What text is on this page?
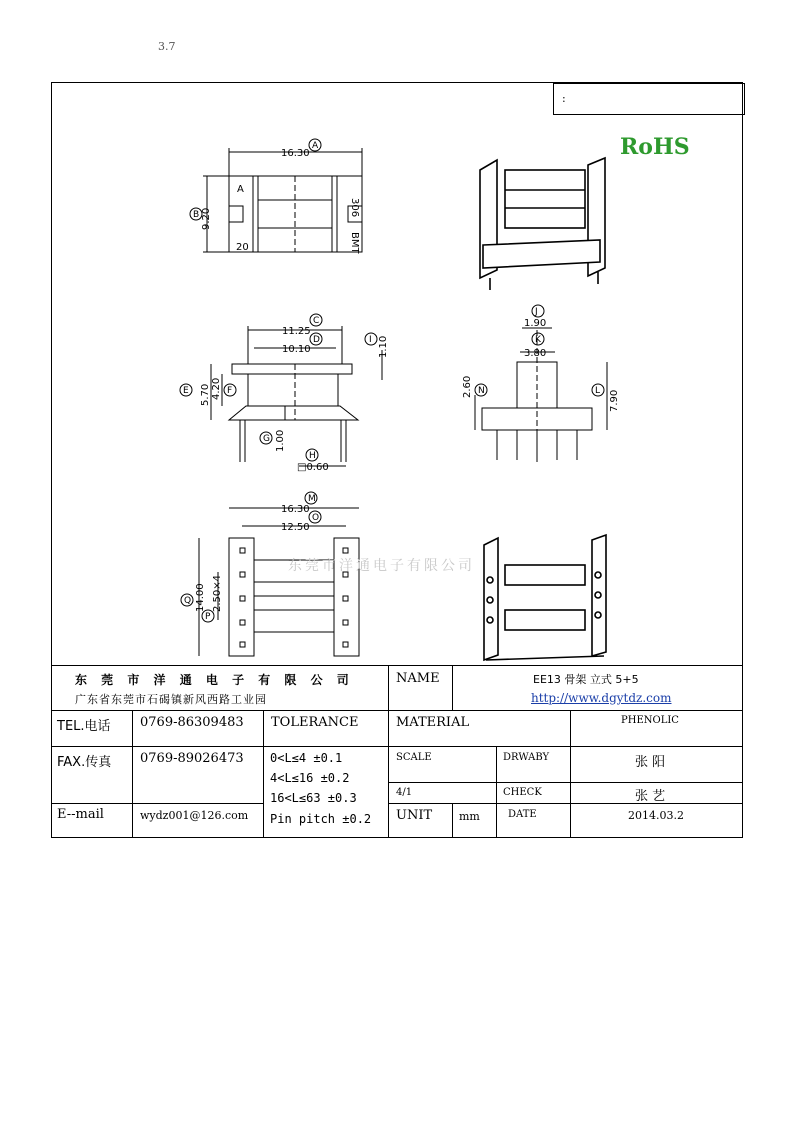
3.7
:
RoHS
16.30
9.20
A
B
A
20
306
BMT
11.25
10.10	1.10
5.70 4.20
1.00
□0.60
C
D	I
E	F
G
H
1.90
3.80
2.60
7.90
J
K
N	L
16.30
12.50
14.00 2.50×4
M
O
Q
P
东莞市洋通电子有限公司
东 莞 市 洋 通 电 子 有 限 公 司
广东省东莞市石碣镇新风西路工业园
NAME	EE13 骨架 立式 5+5
http://www.dgytdz.com
TEL.电话 0769-86309483 TOLERANCE	MATERIAL	PHENOLIC
FAX.传真 0769-89026473 0<L≤4 ±0.1
4<L≤16 ±0.2
16<L≤63 ±0.3
Pin pitch ±0.2
SCALE	DRWABY	张 阳
4/1	CHECK	张 艺
E--mail	wydz001@126.com	UNIT mm	DATE	2014.03.2
